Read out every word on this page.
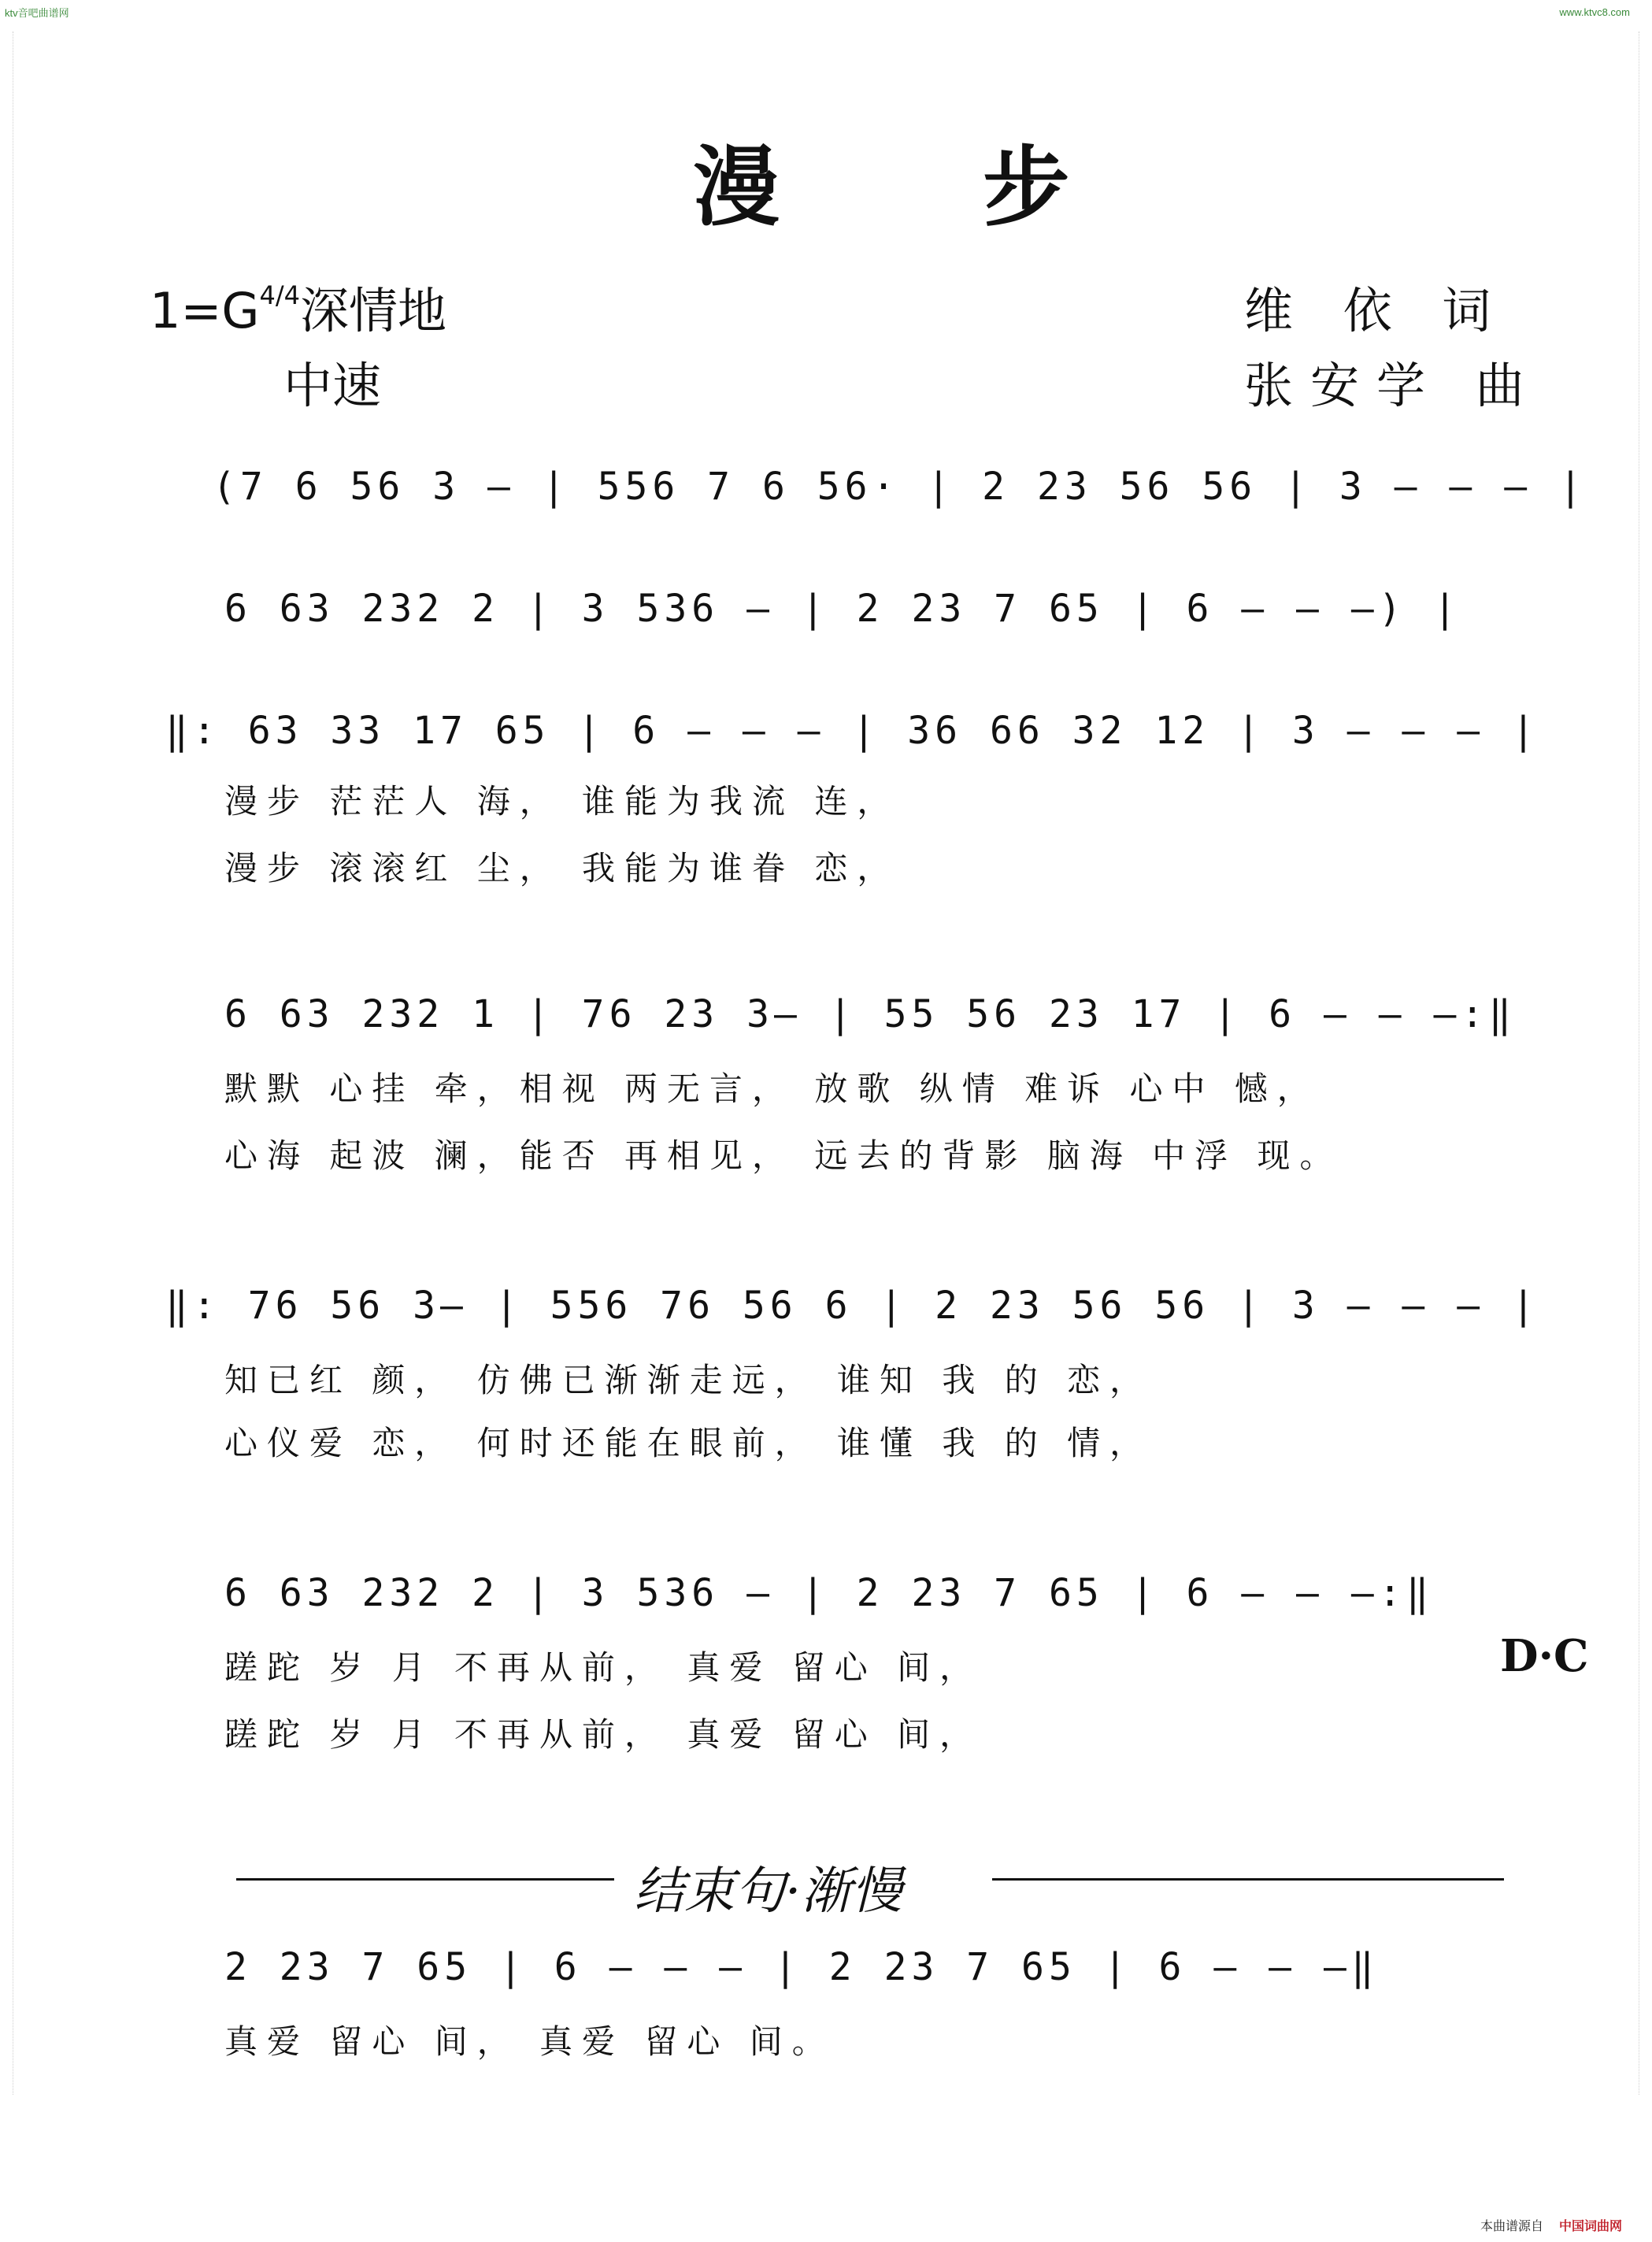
ktv音吧曲谱网	www.ktvc8.com
漫 步
$1=G^{4/4}$深情地
中速
维 依 词
张安学 曲
(7 6 56 3 — | 556 7 6 56· | 2 23 56 56 | 3 — — — |
6 63 232 2 | 3 536 — | 2 23 7 65 | 6 — — —) |
‖: 63 33 17 65 | 6 — — — | 36 66 32 12 | 3 — — — |
漫步 茫茫人 海， 谁能为我流 连，
漫步 滚滚红 尘， 我能为谁眷 恋，
6 63 232 1 | 76 23 3— | 55 56 23 17 | 6 — — —:‖
默默 心挂 牵，相视 两无言， 放歌 纵情 难诉 心中 憾，
心海 起波 澜，能否 再相见， 远去的背影 脑海 中浮 现。
‖: 76 56 3— | 556 76 56 6 | 2 23 56 56 | 3 — — — |
知已红 颜， 仿佛已渐渐走远， 谁知 我 的 恋，
心仪爱 恋， 何时还能在眼前， 谁懂 我 的 情，
6 63 232 2 | 3 536 — | 2 23 7 65 | 6 — — —:‖
蹉跎 岁 月 不再从前， 真爱 留心 间，
蹉跎 岁 月 不再从前， 真爱 留心 间，
D·C
结束句·渐慢
2 23 7 65 | 6 — — — | 2 23 7 65 | 6 — — —‖
真爱 留心 间， 真爱 留心 间。
本曲谱源自 中国词曲网
